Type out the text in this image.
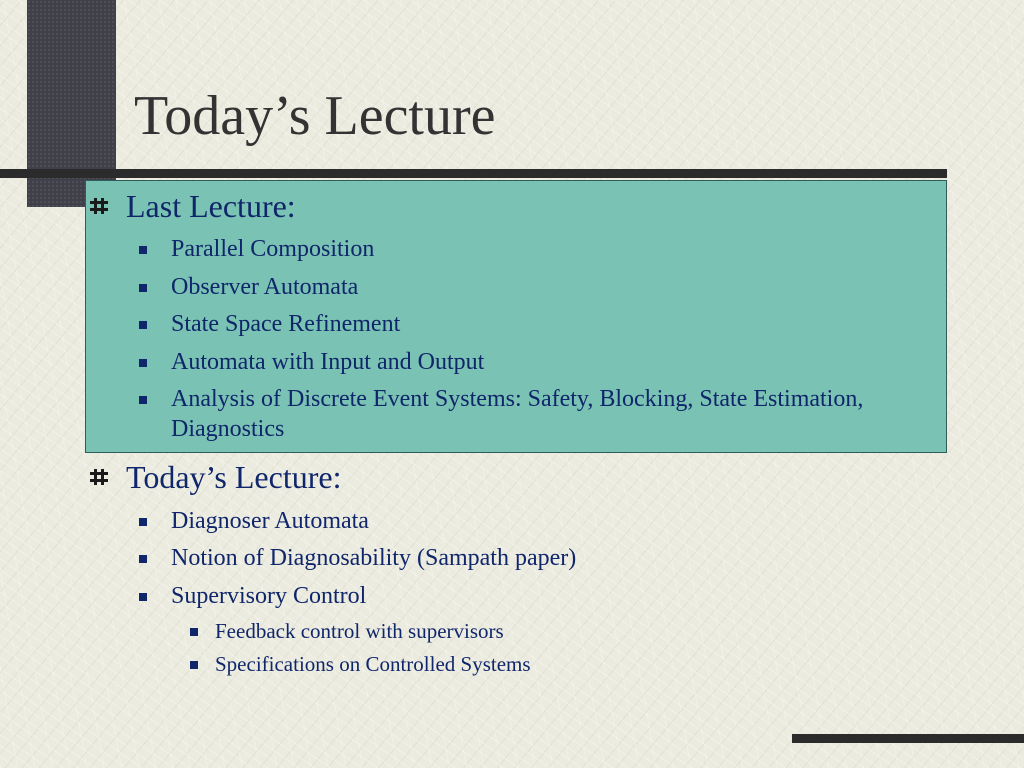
Today’s Lecture
Last Lecture:
Parallel Composition
Observer Automata
State Space Refinement
Automata with Input and Output
Analysis of Discrete Event Systems: Safety, Blocking, State Estimation, Diagnostics
Today’s Lecture:
Diagnoser Automata
Notion of Diagnosability (Sampath paper)
Supervisory Control
Feedback control with supervisors
Specifications on Controlled Systems
